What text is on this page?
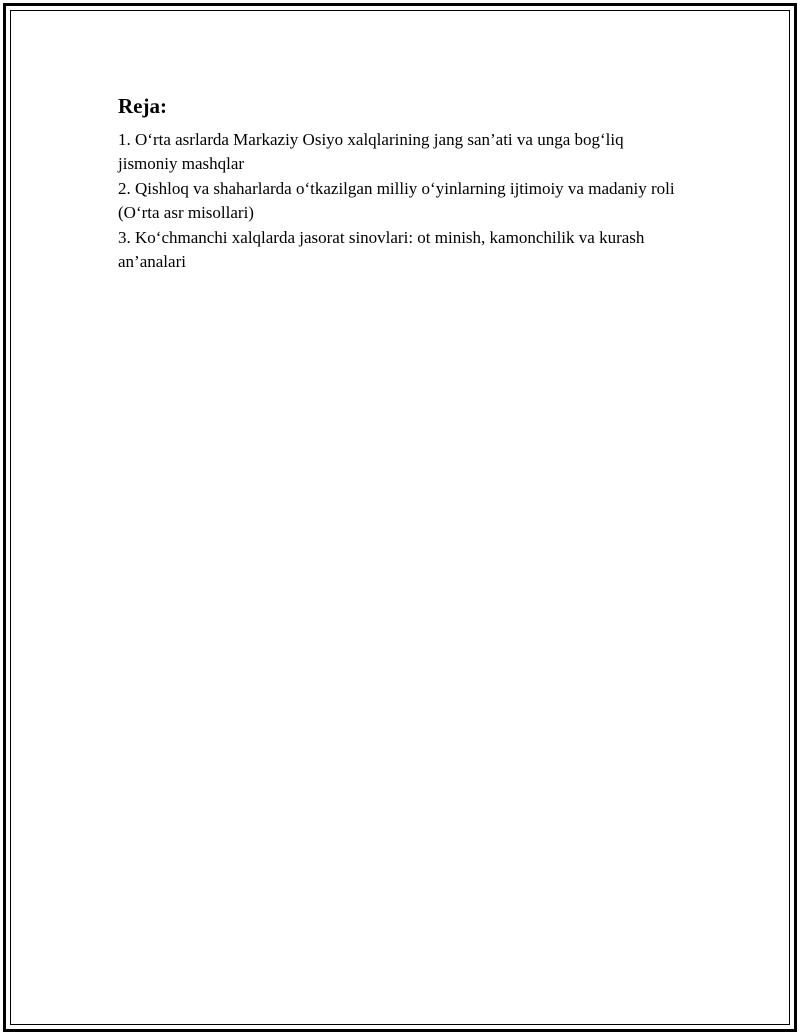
Reja:
1. O‘rta asrlarda Markaziy Osiyo xalqlarining jang san’ati va unga bog‘liq jismoniy mashqlar
2. Qishloq va shaharlarda o‘tkazilgan milliy o‘yinlarning ijtimoiy va madaniy roli (O‘rta asr misollari)
3. Ko‘chmanchi xalqlarda jasorat sinovlari: ot minish, kamonchilik va kurash an’analari
